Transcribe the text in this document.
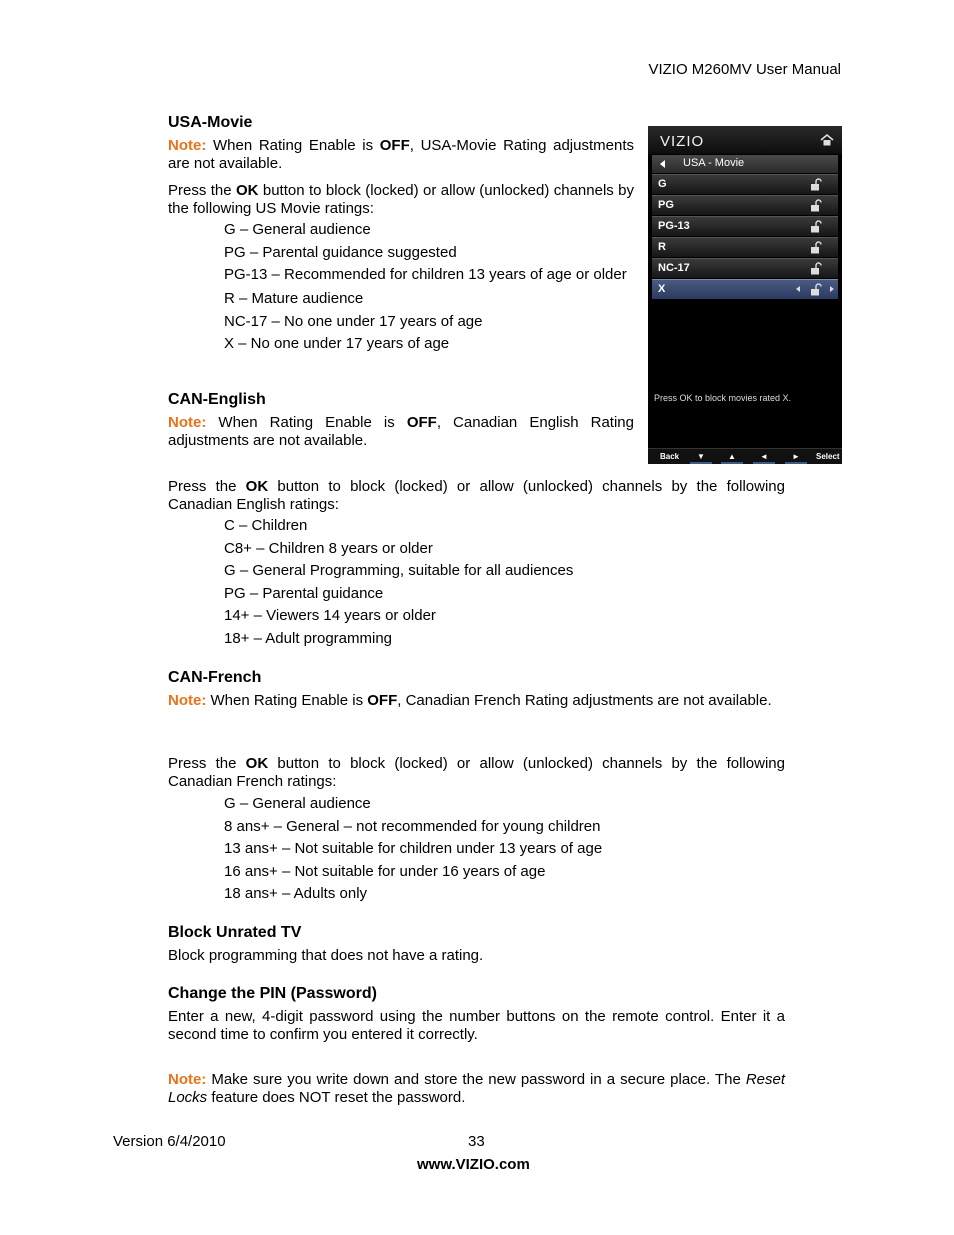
VIZIO M260MV User Manual
USA-Movie
Note: When Rating Enable is OFF, USA-Movie Rating adjustments are not available.
Press the OK button to block (locked) or allow (unlocked) channels by the following US Movie ratings:
G – General audience
PG – Parental guidance suggested
PG-13 – Recommended for children 13 years of age or older
R – Mature audience
NC-17 – No one under 17 years of age
X – No one under 17 years of age
CAN-English
Note: When Rating Enable is OFF, Canadian English Rating adjustments are not available.
Press the OK button to block (locked) or allow (unlocked) channels by the following Canadian English ratings:
C – Children
C8+ – Children 8 years or older
G – General Programming, suitable for all audiences
PG – Parental guidance
14+ – Viewers 14 years or older
18+ – Adult programming
CAN-French
Note: When Rating Enable is OFF, Canadian French Rating adjustments are not available.
Press the OK button to block (locked) or allow (unlocked) channels by the following Canadian French ratings:
G – General audience
8 ans+ – General – not recommended for young children
13 ans+ – Not suitable for children under 13 years of age
16 ans+ – Not suitable for under 16 years of age
18 ans+ – Adults only
Block Unrated TV
Block programming that does not have a rating.
Change the PIN (Password)
Enter a new, 4-digit password using the number buttons on the remote control. Enter it a second time to confirm you entered it correctly.
Note: Make sure you write down and store the new password in a secure place. The Reset Locks feature does NOT reset the password.
VIZIO
USA - Movie
G
PG
PG-13
R
NC-17
X
Press OK to block movies rated X.
Back ▼	▲	◄	► Select
Version 6/4/2010	33
www.VIZIO.com
